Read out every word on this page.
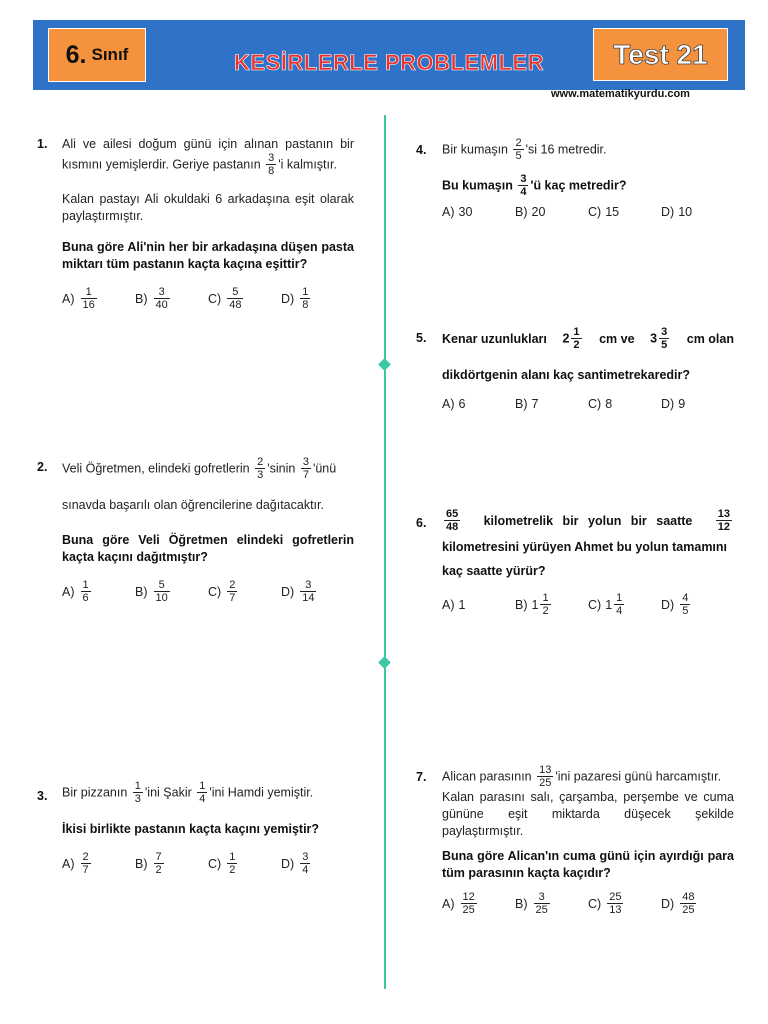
6. Sınıf	KESİRLERLE PROBLEMLER	Test 21
www.matematikyurdu.com
1. Ali ve ailesi doğum günü için alınan pastanın bir kısmını yemişlerdir. Geriye pastanın $\frac{3}{8}$ 'i kalmıştır.
Kalan pastayı Ali okuldaki 6 arkadaşına eşit olarak paylaştırmıştır.
Buna göre Ali'nin her bir arkadaşına düşen pasta miktarı tüm pastanın kaçta kaçına eşittir?
$A) \frac{1}{16}$	$B) \frac{3}{40}$	$C) \frac{5}{48}$	$D) \frac{1}{8}$
2. Veli Öğretmen, elindeki gofretlerin $\frac{2}{3}$ 'sinin $\frac{3}{7}$ 'ünü
sınavda başarılı olan öğrencilerine dağıtacaktır.
Buna göre Veli Öğretmen elindeki gofretlerin kaçta kaçını dağıtmıştır?
$A) \frac{1}{6}$	$B) \frac{5}{10}$	$C) \frac{2}{7}$	$D) \frac{3}{14}$
3. Bir pizzanın $\frac{1}{3}$ 'ini Şakir $\frac{1}{4}$ 'ini Hamdi yemiştir.
İkisi birlikte pastanın kaçta kaçını yemiştir?
$A) \frac{2}{7}$	$B) \frac{7}{2}$	$C) \frac{1}{2}$	$D) \frac{3}{4}$
4. Bir kumaşın $\frac{2}{5}$ 'si 16 metredir.
Bu kumaşın $\frac{3}{4}$ 'ü kaç metredir?
A) 30	B) 20	C) 15	D) 10
5. Kenar uzunlukları $2 \frac{1}{2}$ cm ve $3 \frac{3}{5}$ cm olan
dikdörtgenin alanı kaç santimetrekaredir?
A) 6	B) 7	C) 8	D) 9
6. $\frac{65}{48}$ kilometrelik bir yolun bir saatte $\frac{13}{12}$
kilometresini yürüyen Ahmet bu yolun tamamını kaç saatte yürür?
A) 1	B) $1 \frac{1}{2}$	C) $1 \frac{1}{4}$	$D) \frac{4}{5}$
7. Alican parasının $\frac{13}{25}$ 'ini pazaresi günü harcamıştır.
Kalan parasını salı, çarşamba, perşembe ve cuma gününe eşit miktarda düşecek şekilde paylaştırmıştır.
Buna göre Alican'ın cuma günü için ayırdığı para tüm parasının kaçta kaçıdır?
$A) \frac{12}{25}$	$B) \frac{3}{25}$	$C) \frac{25}{13}$	$D) \frac{48}{25}$
